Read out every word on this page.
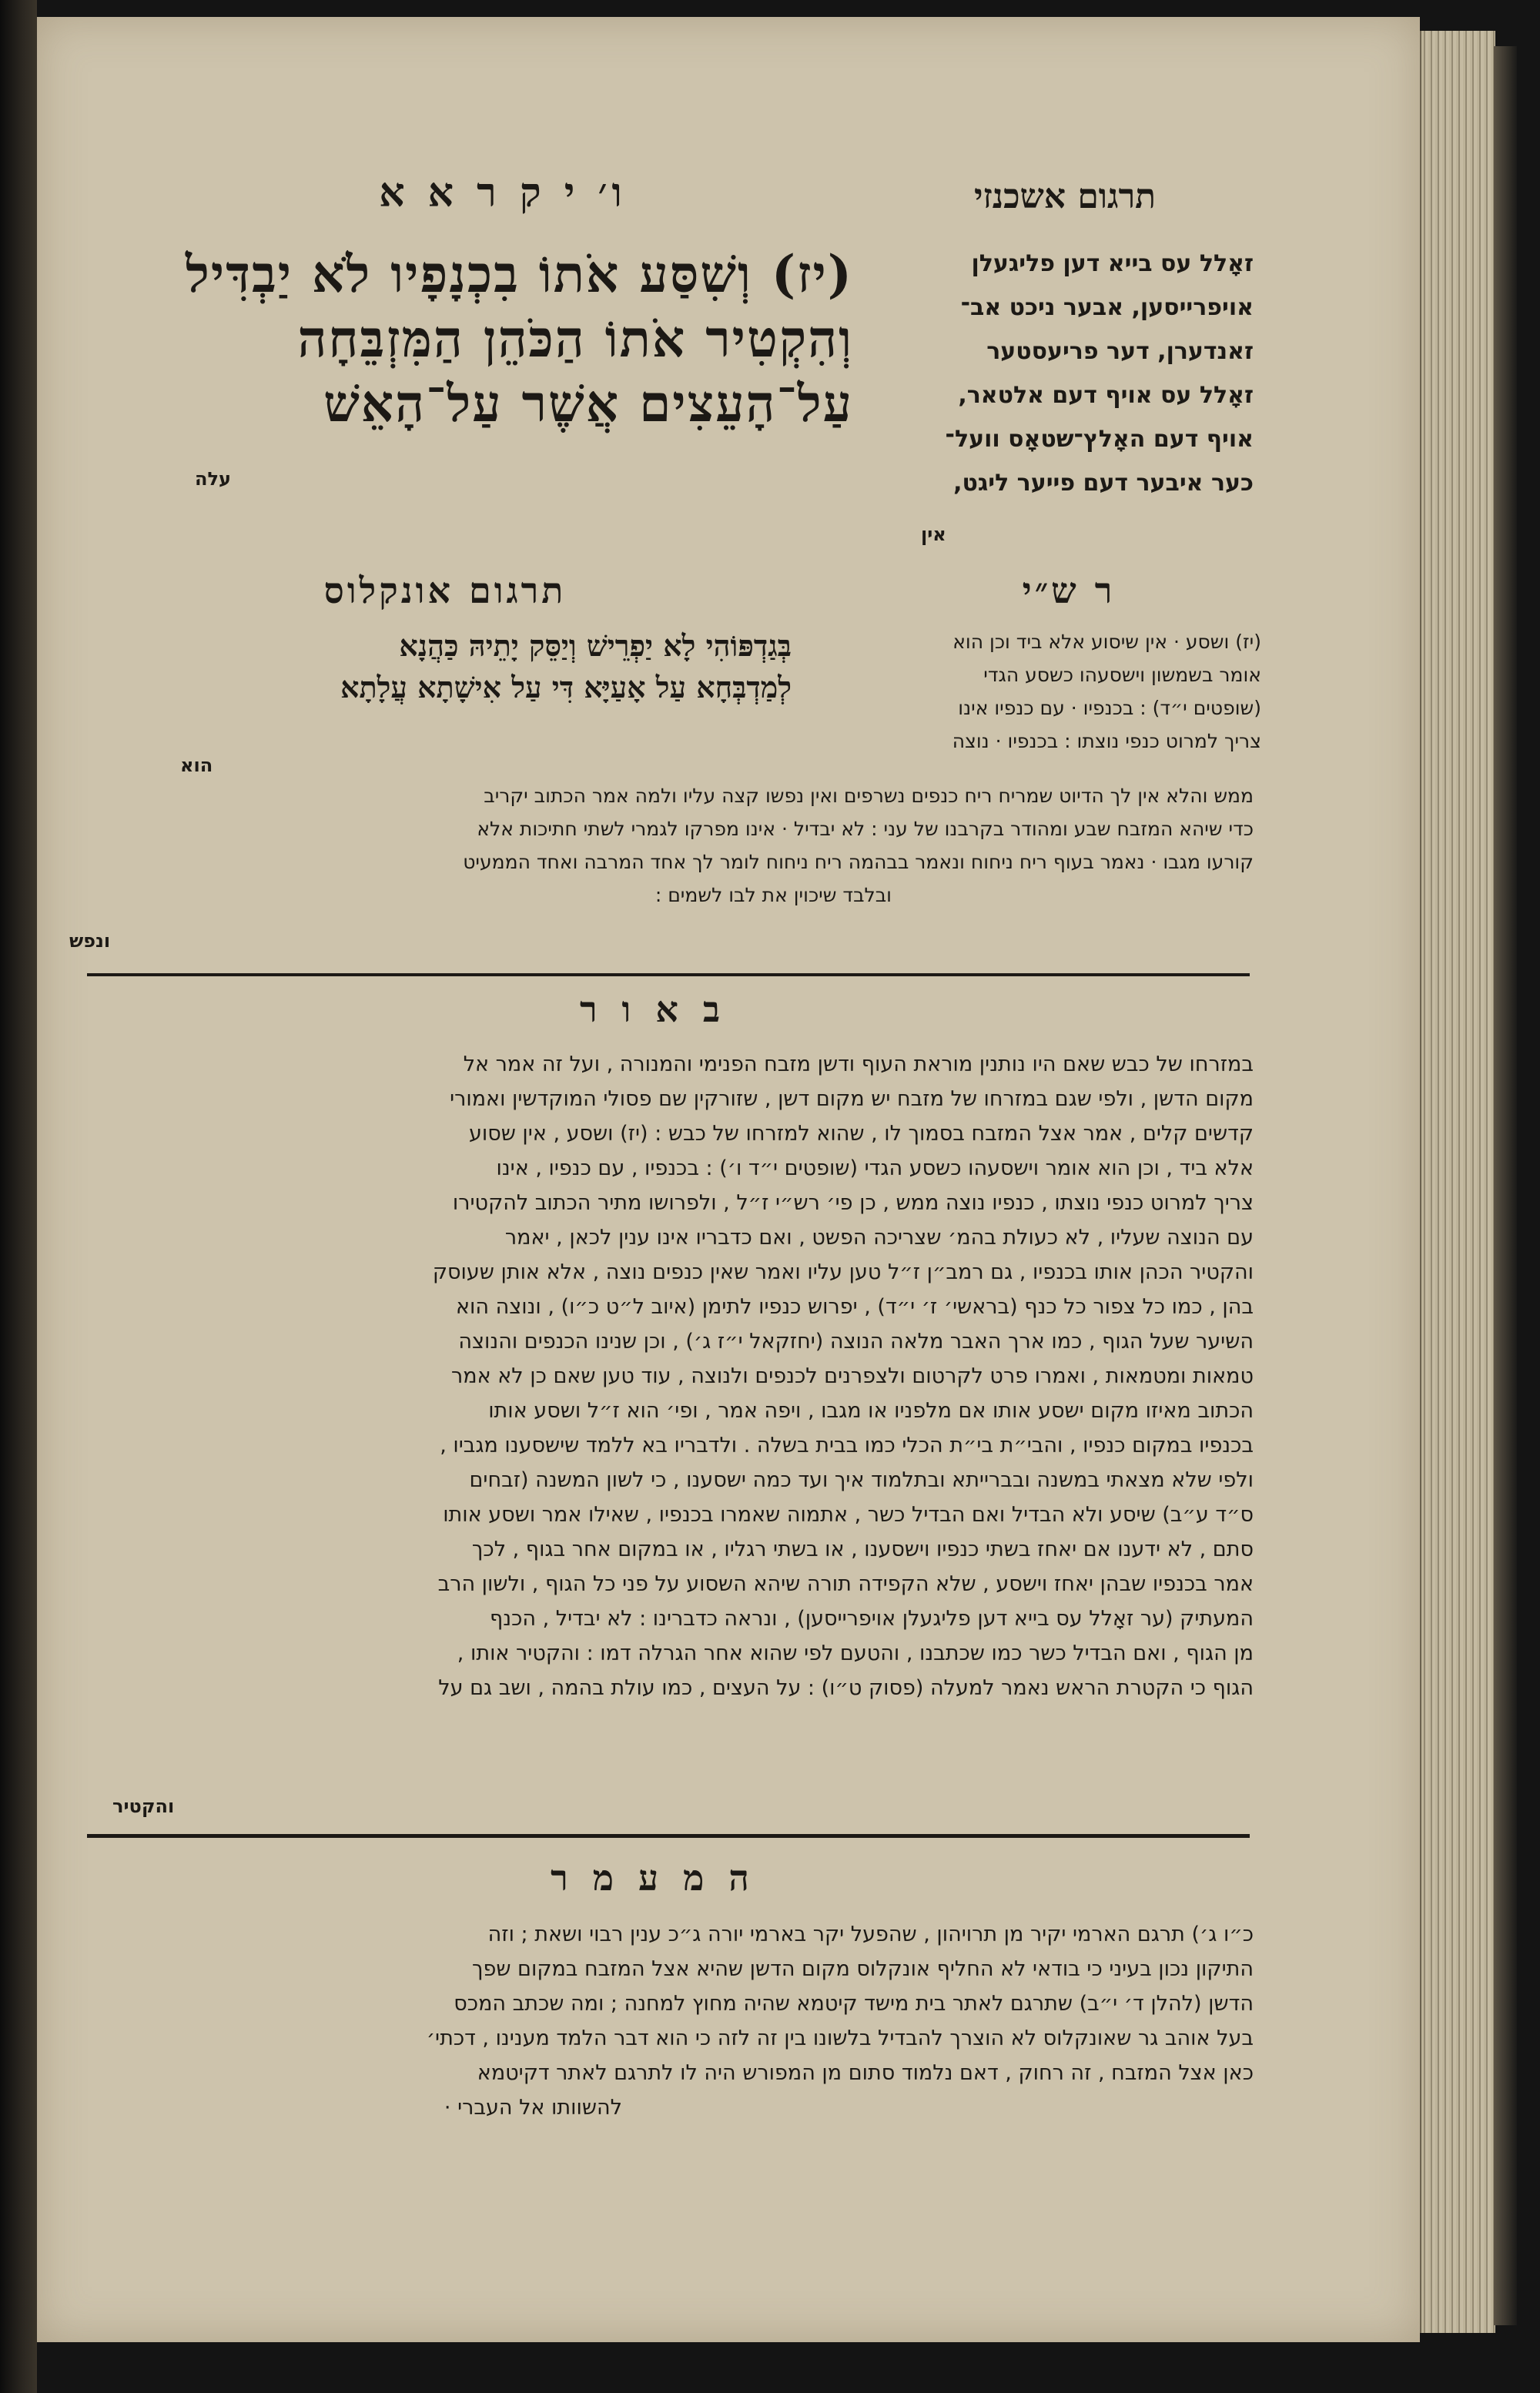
תרגום אשכנזי
ו׳ י ק ר א א
(יז) וְשִׁסַּע אֹתוֹ בִכְנָפָיו לֹא יַבְדִּיל
וְהִקְטִיר אֹתוֹ הַכֹּהֵן הַמִּזְבֵּחָה
עַל־הָעֵצִים אֲשֶׁר עַל־הָאֵשׁ
עלה
זאָלל עס בייא דען פליגעלן
אויפרייסען, אבער ניכט אב־
זאנדערן, דער פריעסטער
זאָלל עס אויף דעם אלטאר,
אויף דעם האָלץ־שטאָס וועל־
כער איבער דעם פייער ליגט,
אין
תרגום אונקלוס	ר ש״י
בְּגַדְפּוֹהִי לָא יַפְרֵישׁ וְיַסֵּק יָתֵיהּ כַּהֲנָא
לְמַדְבְּחָא עַל אָעַיָּא דִּי עַל אִישָׁתָא עֲלָתָא
(יז) ושסע · אין שיסוע אלא ביד וכן הוא
אומר בשמשון וישסעהו כשסע הגדי
(שופטים י״ד) : בכנפיו · עם כנפיו אינו
צריך למרוט כנפי נוצתו : בכנפיו · נוצה
הוא
ממש והלא אין לך הדיוט שמריח ריח כנפים נשרפים ואין נפשו קצה עליו ולמה אמר הכתוב יקריב
כדי שיהא המזבח שבע ומהודר בקרבנו של עני : לא יבדיל · אינו מפרקו לגמרי לשתי חתיכות אלא
קורעו מגבו · נאמר בעוף ריח ניחוח ונאמר בבהמה ריח ניחוח לומר לך אחד המרבה ואחד הממעיט
ובלבד שיכוין את לבו לשמים :
ונפש
ב א ו ר
במזרחו של כבש שאם היו נותנין מוראת העוף ודשן מזבח הפנימי והמנורה , ועל זה אמר אל
מקום הדשן , ולפי שגם במזרחו של מזבח יש מקום דשן , שזורקין שם פסולי המוקדשין ואמורי
קדשים קלים , אמר אצל המזבח בסמוך לו , שהוא למזרחו של כבש : (יז) ושסע , אין שסוע
אלא ביד , וכן הוא אומר וישסעהו כשסע הגדי (שופטים י״ד ו׳) : בכנפיו , עם כנפיו , אינו
צריך למרוט כנפי נוצתו , כנפיו נוצה ממש , כן פי׳ רש״י ז״ל , ולפרושו מתיר הכתוב להקטירו
עם הנוצה שעליו , לא כעולת בהמ׳ שצריכה הפשט , ואם כדבריו אינו ענין לכאן , יאמר
והקטיר הכהן אותו בכנפיו , גם רמב״ן ז״ל טען עליו ואמר שאין כנפים נוצה , אלא אותן שעוסק
בהן , כמו כל צפור כל כנף (בראשי׳ ז׳ י״ד) , יפרוש כנפיו לתימן (איוב ל״ט כ״ו) , ונוצה הוא
השיער שעל הגוף , כמו ארך האבר מלאה הנוצה (יחזקאל י״ז ג׳) , וכן שנינו הכנפים והנוצה
טמאות ומטמאות , ואמרו פרט לקרטום ולצפרנים לכנפים ולנוצה , עוד טען שאם כן לא אמר
הכתוב מאיזו מקום ישסע אותו אם מלפניו או מגבו , ויפה אמר , ופי׳ הוא ז״ל ושסע אותו
בכנפיו במקום כנפיו , והבי״ת בי״ת הכלי כמו בבית בשלה . ולדבריו בא ללמד שישסענו מגביו ,
ולפי שלא מצאתי במשנה ובברייתא ובתלמוד איך ועד כמה ישסענו , כי לשון המשנה (זבחים
ס״ד ע״ב) שיסע ולא הבדיל ואם הבדיל כשר , אתמוה שאמרו בכנפיו , שאילו אמר ושסע אותו
סתם , לא ידענו אם יאחז בשתי כנפיו וישסענו , או בשתי רגליו , או במקום אחר בגוף , לכך
אמר בכנפיו שבהן יאחז וישסע , שלא הקפידה תורה שיהא השסוע על פני כל הגוף , ולשון הרב
המעתיק (ער זאָלל עס בייא דען פליגעלן אויפרייסען) , ונראה כדברינו : לא יבדיל , הכנף
מן הגוף , ואם הבדיל כשר כמו שכתבנו , והטעם לפי שהוא אחר הגרלה דמו : והקטיר אותו ,
הגוף כי הקטרת הראש נאמר למעלה (פסוק ט״ו) : על העצים , כמו עולת בהמה , ושב גם על
והקטיר
ה מ ע מ ר
כ״ו ג׳) תרגם הארמי יקיר מן תרויהון , שהפעל יקר בארמי יורה ג״כ ענין רבוי ושאת ; וזה
התיקון נכון בעיני כי בודאי לא החליף אונקלוס מקום הדשן שהיא אצל המזבח במקום שפך
הדשן (להלן ד׳ י״ב) שתרגם לאתר בית מישד קיטמא שהיה מחוץ למחנה ; ומה שכתב המכס
בעל אוהב גר שאונקלוס לא הוצרך להבדיל בלשונו בין זה לזה כי הוא דבר הלמד מענינו , דכתי׳
כאן אצל המזבח , זה רחוק , דאם נלמוד סתום מן המפורש היה לו לתרגם לאתר דקיטמא
להשוותו אל העברי ·
